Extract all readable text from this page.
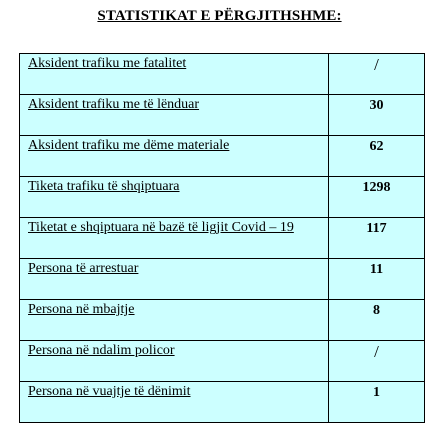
STATISTIKAT E PËRGJITHSHME:
Aksident trafiku me fatalitet	/
Aksident trafiku me të lënduar	30
Aksident trafiku me dëme materiale	62
Tiketa trafiku të shqiptuara	1298
Tiketat e shqiptuara në bazë të ligjit Covid – 19	117
Persona të arrestuar	11
Persona në mbajtje	8
Persona në ndalim policor	/
Persona në vuajtje të dënimit	1
